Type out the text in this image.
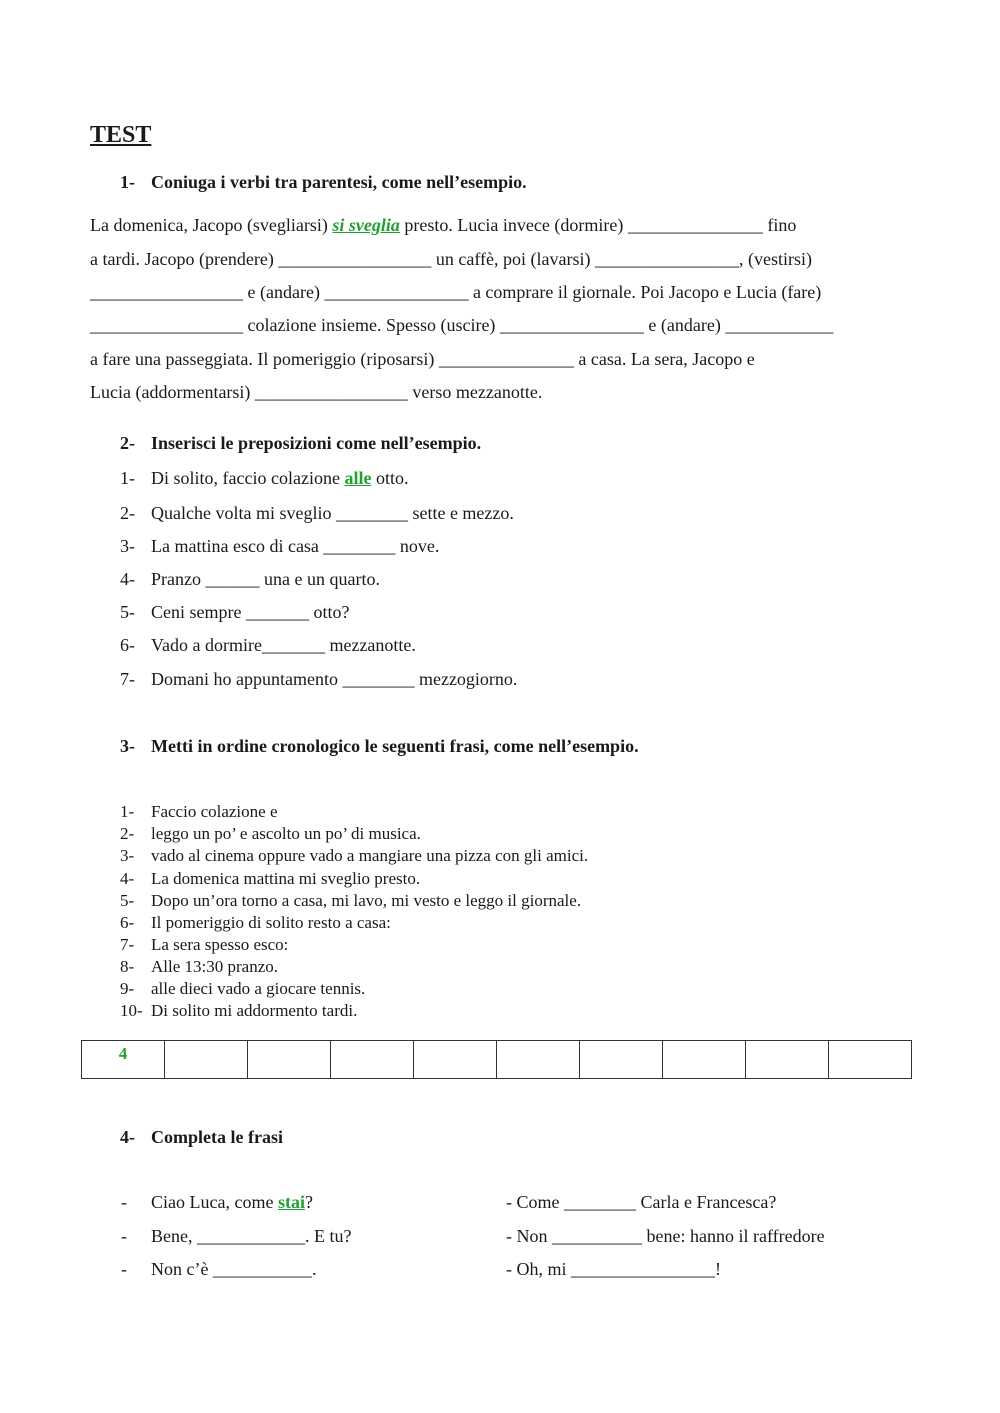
TEST
1- Coniuga i verbi tra parentesi, come nell’esempio.
La domenica, Jacopo (svegliarsi) si sveglia presto. Lucia invece (dormire) _______________ fino
a tardi. Jacopo (prendere) _________________ un caffè, poi (lavarsi) ________________, (vestirsi)
_________________ e (andare) ________________ a comprare il giornale. Poi Jacopo e Lucia (fare)
_________________ colazione insieme. Spesso (uscire) ________________ e (andare) ____________
a fare una passeggiata. Il pomeriggio (riposarsi) _______________ a casa. La sera, Jacopo e
Lucia (addormentarsi) _________________ verso mezzanotte.
2- Inserisci le preposizioni come nell’esempio.
1- Di solito, faccio colazione alle otto.
2- Qualche volta mi sveglio ________ sette e mezzo.
3- La mattina esco di casa ________ nove.
4- Pranzo ______ una e un quarto.
5- Ceni sempre _______ otto?
6- Vado a dormire_______ mezzanotte.
7- Domani ho appuntamento ________ mezzogiorno.
3- Metti in ordine cronologico le seguenti frasi, come nell’esempio.
1- Faccio colazione e
2- leggo un po’ e ascolto un po’ di musica.
3- vado al cinema oppure vado a mangiare una pizza con gli amici.
4- La domenica mattina mi sveglio presto.
5- Dopo un’ora torno a casa, mi lavo, mi vesto e leggo il giornale.
6- Il pomeriggio di solito resto a casa:
7- La sera spesso esco:
8- Alle 13:30 pranzo.
9- alle dieci vado a giocare tennis.
10- Di solito mi addormento tardi.
4									
4- Completa le frasi
- Ciao Luca, come stai?
- Bene, ____________. E tu?
- Non c’è ___________.
- Come ________ Carla e Francesca?
- Non __________ bene: hanno il raffredore
- Oh, mi ________________!
